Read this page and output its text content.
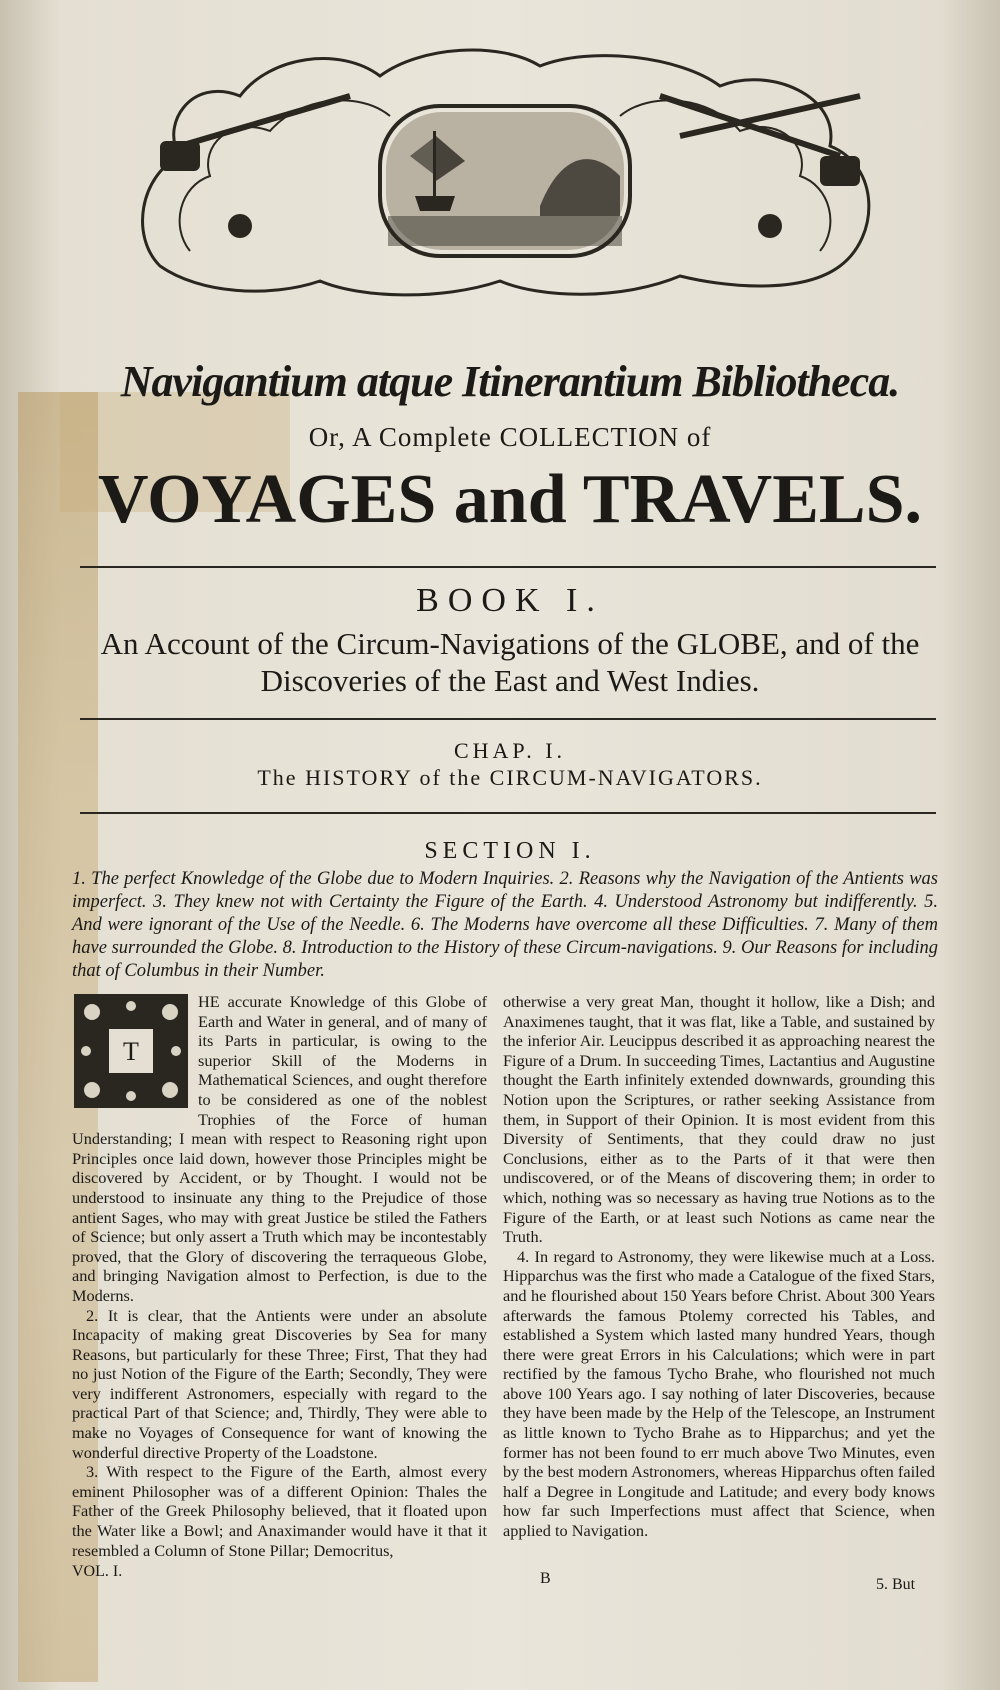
Navigantium atque Itinerantium Bibliotheca.
Or, A Complete COLLECTION of
VOYAGES and TRAVELS.
BOOK I.
An Account of the Circum-Navigations of the GLOBE, and of the Discoveries of the East and West Indies.
CHAP. I.
The HISTORY of the CIRCUM-NAVIGATORS.
SECTION I.
1. The perfect Knowledge of the Globe due to Modern Inquiries. 2. Reasons why the Navigation of the Antients was imperfect. 3. They knew not with Certainty the Figure of the Earth. 4. Understood Astronomy but indifferently. 5. And were ignorant of the Use of the Needle. 6. The Moderns have overcome all these Difficulties. 7. Many of them have surrounded the Globe. 8. Introduction to the History of these Circum-navigations. 9. Our Reasons for including that of Columbus in their Number.
T

HE accurate Knowledge of this Globe of Earth and Water in general, and of many of its Parts in particular, is owing to the superior Skill of the Moderns in Mathematical Sciences, and ought therefore to be considered as one of the noblest Trophies of the Force of human Understanding; I mean with respect to Reasoning right upon Principles once laid down, however those Principles might be discovered by Accident, or by Thought. I would not be understood to insinuate any thing to the Prejudice of those antient Sages, who may with great Justice be stiled the Fathers of Science; but only assert a Truth which may be incontestably proved, that the Glory of discovering the terraqueous Globe, and bringing Navigation almost to Perfection, is due to the Moderns.

2. It is clear, that the Antients were under an absolute Incapacity of making great Discoveries by Sea for many Reasons, but particularly for these Three; First, That they had no just Notion of the Figure of the Earth; Secondly, They were very indifferent Astronomers, especially with regard to the practical Part of that Science; and, Thirdly, They were able to make no Voyages of Consequence for want of knowing the wonderful directive Property of the Loadstone.

3. With respect to the Figure of the Earth, almost every eminent Philosopher was of a different Opinion: Thales the Father of the Greek Philosophy believed, that it floated upon the Water like a Bowl; and Anaximander would have it that it resembled a Column of Stone Pillar; Democritus,

otherwise a very great Man, thought it hollow, like a Dish; and Anaximenes taught, that it was flat, like a Table, and sustained by the inferior Air. Leucippus described it as approaching nearest the Figure of a Drum. In succeeding Times, Lactantius and Augustine thought the Earth infinitely extended downwards, grounding this Notion upon the Scriptures, or rather seeking Assistance from them, in Support of their Opinion. It is most evident from this Diversity of Sentiments, that they could draw no just Conclusions, either as to the Parts of it that were then undiscovered, or of the Means of discovering them; in order to which, nothing was so necessary as having true Notions as to the Figure of the Earth, or at least such Notions as came near the Truth.

4. In regard to Astronomy, they were likewise much at a Loss. Hipparchus was the first who made a Catalogue of the fixed Stars, and he flourished about 150 Years before Christ. About 300 Years afterwards the famous Ptolemy corrected his Tables, and established a System which lasted many hundred Years, though there were great Errors in his Calculations; which were in part rectified by the famous Tycho Brahe, who flourished not much above 100 Years ago. I say nothing of later Discoveries, because they have been made by the Help of the Telescope, an Instrument as little known to Tycho Brahe as to Hipparchus; and yet the former has not been found to err much above Two Minutes, even by the best modern Astronomers, whereas Hipparchus often failed half a Degree in Longitude and Latitude; and every body knows how far such Imperfections must affect that Science, when applied to Navigation.

VOL. I.	B	5. But
